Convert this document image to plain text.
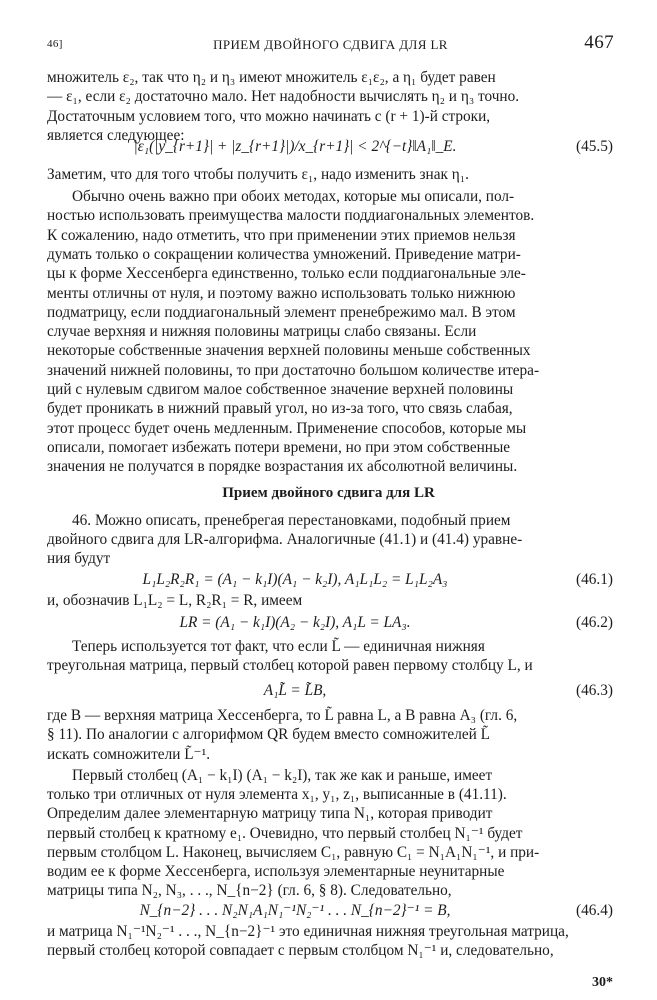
46]	ПРИЕМ ДВОЙНОГО СДВИГА ДЛЯ LR	467
множитель ε₂, так что η₂ и η₃ имеют множитель ε₁ε₂, а η₁ будет равен
— ε₁, если ε₂ достаточно мало. Нет надобности вычислять η₂ и η₃ точно.
Достаточным условием того, что можно начинать с (r + 1)-й строки,
является следующее:
|ε₁(|y_{r+1}| + |z_{r+1}|)/x_{r+1}| < 2^{−t}‖A₁‖_E.	(45.5)
Заметим, что для того чтобы получить ε₁, надо изменить знак η₁.
Обычно очень важно при обоих методах, которые мы описали, пол-
ностью использовать преимущества малости поддиагональных элементов.
К сожалению, надо отметить, что при применении этих приемов нельзя
думать только о сокращении количества умножений. Приведение матри-
цы к форме Хессенберга единственно, только если поддиагональные эле-
менты отличны от нуля, и поэтому важно использовать только нижнюю
подматрицу, если поддиагональный элемент пренебрежимо мал. В этом
случае верхняя и нижняя половины матрицы слабо связаны. Если
некоторые собственные значения верхней половины меньше собственных
значений нижней половины, то при достаточно большом количестве итера-
ций с нулевым сдвигом малое собственное значение верхней половины
будет проникать в нижний правый угол, но из-за того, что связь слабая,
этот процесс будет очень медленным. Применение способов, которые мы
описали, помогает избежать потери времени, но при этом собственные
значения не получатся в порядке возрастания их абсолютной величины.
Прием двойного сдвига для LR
46. Можно описать, пренебрегая перестановками, подобный прием
двойного сдвига для LR-алгорифма. Аналогичные (41.1) и (41.4) уравне-
ния будут
L₁L₂R₂R₁ = (A₁ − k₁I)(A₁ − k₂I), A₁L₁L₂ = L₁L₂A₃	(46.1)
и, обозначив L₁L₂ = L, R₂R₁ = R, имеем
LR = (A₁ − k₁I)(A₂ − k₂I), A₁L = LA₃.	(46.2)
Теперь используется тот факт, что если L̃ — единичная нижняя
треугольная матрица, первый столбец которой равен первому столбцу L, и
A₁L̃ = L̃B,	(46.3)
где B — верхняя матрица Хессенберга, то L̃ равна L, а B равна A₃ (гл. 6,
§ 11). По аналогии с алгорифмом QR будем вместо сомножителей L̃
искать сомножители L̃⁻¹.
Первый столбец (A₁ − k₁I) (A₁ − k₂I), так же как и раньше, имеет
только три отличных от нуля элемента x₁, y₁, z₁, выписанные в (41.11).
Определим далее элементарную матрицу типа N₁, которая приводит
первый столбец к кратному e₁. Очевидно, что первый столбец N₁⁻¹ будет
первым столбцом L. Наконец, вычисляем C₁, равную C₁ = N₁A₁N₁⁻¹, и при-
водим ее к форме Хессенберга, используя элементарные неунитарные
матрицы типа N₂, N₃, . . ., N_{n−2} (гл. 6, § 8). Следовательно,
N_{n−2} . . . N₂N₁A₁N₁⁻¹N₂⁻¹ . . . N_{n−2}⁻¹ = B,	(46.4)
и матрица N₁⁻¹N₂⁻¹ . . ., N_{n−2}⁻¹ это единичная нижняя треугольная матрица,
первый столбец которой совпадает с первым столбцом N₁⁻¹ и, следовательно,
30*
